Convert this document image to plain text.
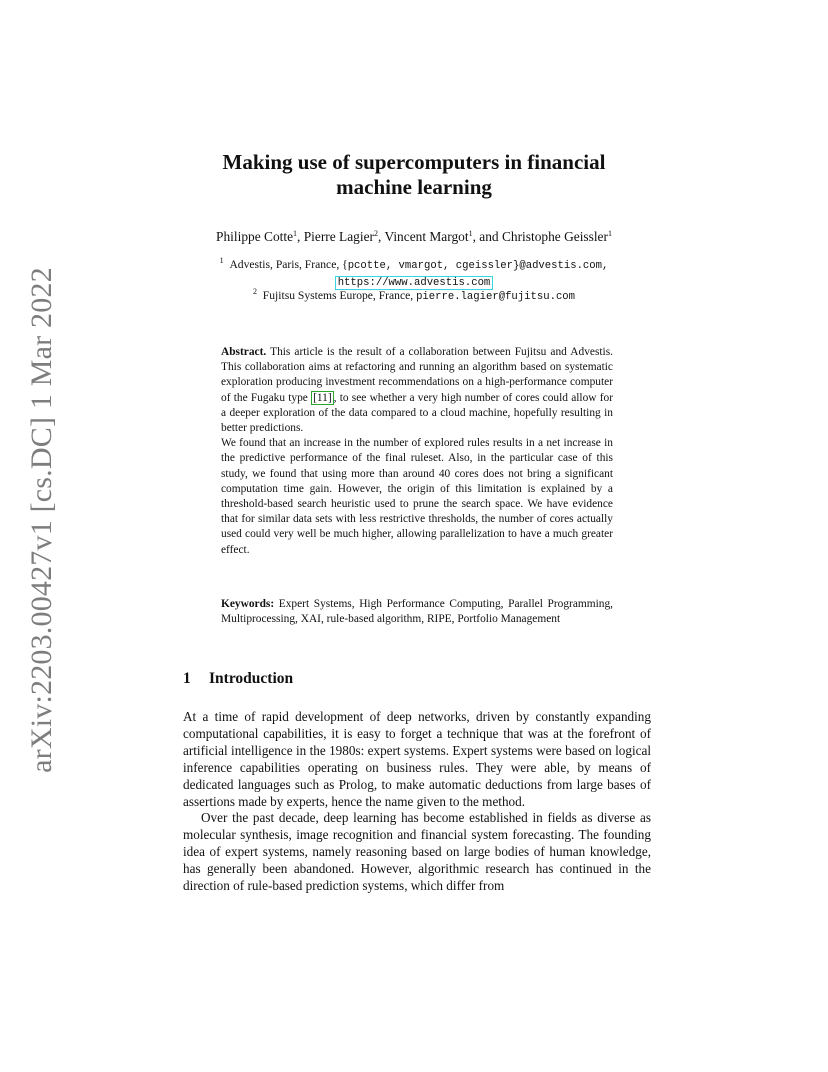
arXiv:2203.00427v1 [cs.DC] 1 Mar 2022
Making use of supercomputers in financial
machine learning
Philippe Cotte$^1$, Pierre Lagier$^2$, Vincent Margot$^1$, and Christophe Geissler$^1$
$^1$ Advestis, Paris, France, {pcotte, vmargot, cgeissler}@advestis.com,
https://www.advestis.com
$^2$ Fujitsu Systems Europe, France, pierre.lagier@fujitsu.com

Abstract. This article is the result of a collaboration between Fujitsu and Advestis. This collaboration aims at refactoring and running an algorithm based on systematic exploration producing investment recommendations on a high-performance computer of the Fugaku type [11] , to see whether a very high number of cores could allow for a deeper exploration of the data compared to a cloud machine, hopefully resulting in better predictions.

We found that an increase in the number of explored rules results in a net increase in the predictive performance of the final ruleset. Also, in the particular case of this study, we found that using more than around 40 cores does not bring a significant computation time gain. However, the origin of this limitation is explained by a threshold-based search heuristic used to prune the search space. We have evidence that for similar data sets with less restrictive thresholds, the number of cores actually used could very well be much higher, allowing parallelization to have a much greater effect.

Keywords: Expert Systems, High Performance Computing, Parallel Programming, Multiprocessing, XAI, rule-based algorithm, RIPE, Portfolio Management
1 Introduction

At a time of rapid development of deep networks, driven by constantly expanding computational capabilities, it is easy to forget a technique that was at the forefront of artificial intelligence in the 1980s: expert systems. Expert systems were based on logical inference capabilities operating on business rules. They were able, by means of dedicated languages such as Prolog, to make automatic deductions from large bases of assertions made by experts, hence the name given to the method.

Over the past decade, deep learning has become established in fields as diverse as molecular synthesis, image recognition and financial system forecasting. The founding idea of expert systems, namely reasoning based on large bodies of human knowledge, has generally been abandoned. However, algorithmic research has continued in the direction of rule-based prediction systems, which differ from
